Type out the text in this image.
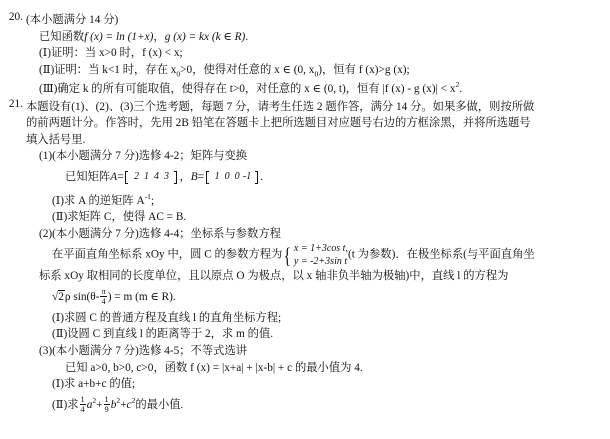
20. (本小题满分 14 分)
已知函数f (x) = ln (1+x)，g (x) = kx (k ∈ R).
(Ⅰ)证明：当 x>0 时，f (x) < x;
(Ⅱ)证明：当 k<1 时，存在 $x_0>0$，使得对任意的 x ∈ (0, $x_0$)，恒有 f (x)>g (x);
(Ⅲ)确定 k 的所有可能取值，使得存在 t>0，对任意的 x ∈ (0, t)，恒有 |f (x) - g $(x)| < x^2$.
21. 本题设有(1)、(2)、(3)三个选考题，每题 7 分，请考生任选 2 题作答，满分 14 分。如果多做，则按所做
的前两题计分。作答时，先用 2B 铅笔在答题卡上把所选题目对应题号右边的方框涂黑，并将所选题号
填入括号里.
(1)(本小题满分 7 分)选修 4-2；矩阵与变换
已知矩阵A=	2 1 4 3 ，B=	1 0 0 -1 .
(Ⅰ)求 A 的逆矩阵 $A^{-1}$;
(Ⅱ)求矩阵 C，使得 AC = B.
(2)(本小题满分 7 分)选修 4-4；坐标系与参数方程
在平面直角坐标系 xOy 中，圆 C 的参数方程为 { x = 1+3cos t,
y = -2+3sin t
(t 为参数)．在极坐标系(与平面直角坐
标系 xOy 取相同的长度单位，且以原点 O 为极点，以 x 轴非负半轴为极轴)中，直线 l 的方程为
√2ρ $\sin(\theta- \frac{\pi}{4}$ ) = m (m ∈ R).
(Ⅰ)求圆 C 的普通方程及直线 l 的直角坐标方程;
(Ⅱ)设圆 C 到直线 l 的距离等于 2，求 m 的值.
(3)(本小题满分 7 分)选修 4-5；不等式选讲
已知 a>0, b>0, c>0，函数 f (x) = |x+a| + |x-b| + c 的最小值为 4.
(Ⅰ)求 a+b+c 的值;
(Ⅱ)求 $\frac{1}{4} a^2+ \frac{1}{9} b^2+c^2$的最小值.
